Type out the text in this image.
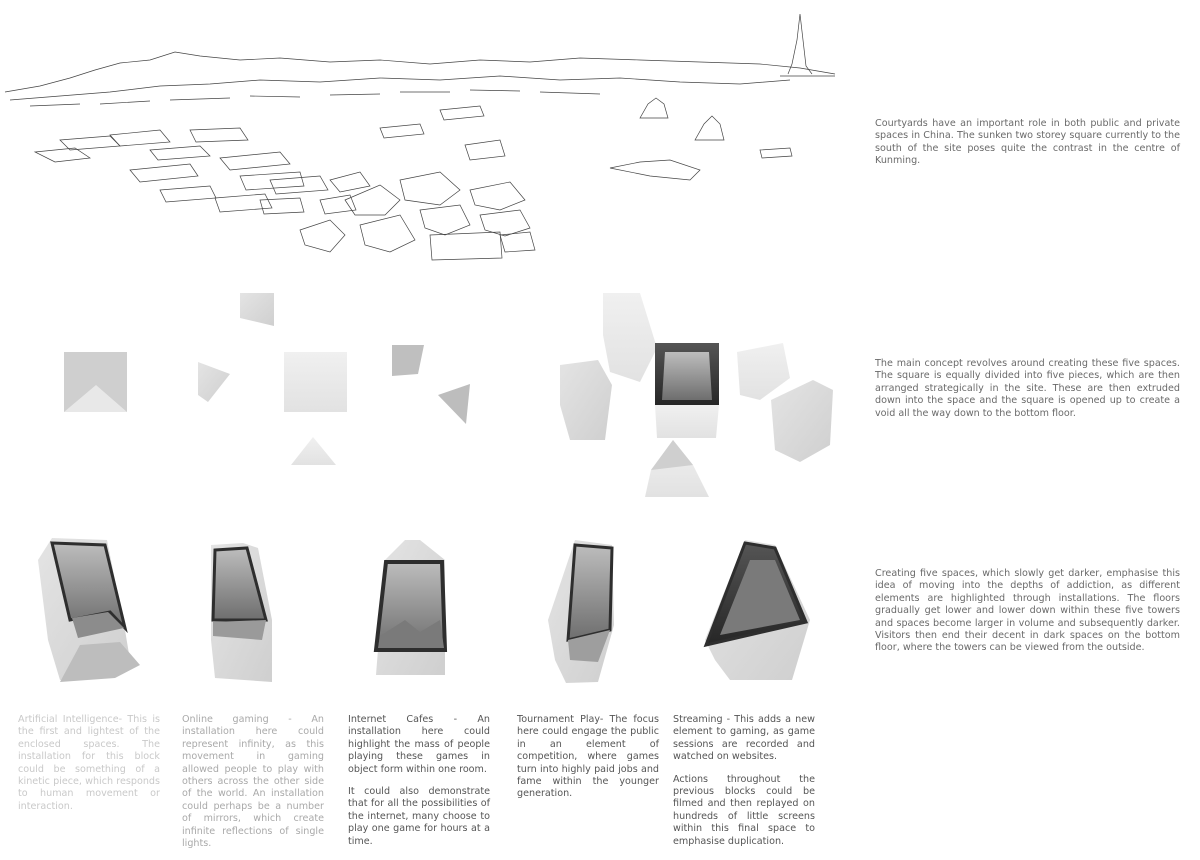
Courtyards have an important role in both public and private spaces in China. The sunken two storey square currently to the south of the site poses quite the contrast in the centre of Kunming.

The main concept revolves around creating these five spaces. The square is equally divided into five pieces, which are then arranged strategically in the site. These are then extruded down into the space and the square is opened up to create a void all the way down to the bottom floor.

Creating five spaces, which slowly get darker, emphasise this idea of moving into the depths of addiction, as different elements are highlighted through installations. The floors gradually get lower and lower down within these five towers and spaces become larger in volume and subsequently darker. Visitors then end their decent in dark spaces on the bottom floor, where the towers can be viewed from the outside.

Artificial Intelligence- This is the first and lightest of the enclosed spaces. The installation for this block could be something of a kinetic piece, which responds to human movement or interaction.

Online gaming - An installation here could represent infinity, as this movement in gaming allowed people to play with others across the other side of the world. An installation could perhaps be a number of mirrors, which create infinite reflections of single lights.

Internet Cafes - An installation here could highlight the mass of people playing these games in object form within one room.

It could also demonstrate that for all the possibilities of the internet, many choose to play one game for hours at a time.

Tournament Play- The focus here could engage the public in an element of competition, where games turn into highly paid jobs and fame within the younger generation.

Streaming - This adds a new element to gaming, as game sessions are recorded and watched on websites.

Actions throughout the previous blocks could be filmed and then replayed on hundreds of little screens within this final space to emphasise duplication.
